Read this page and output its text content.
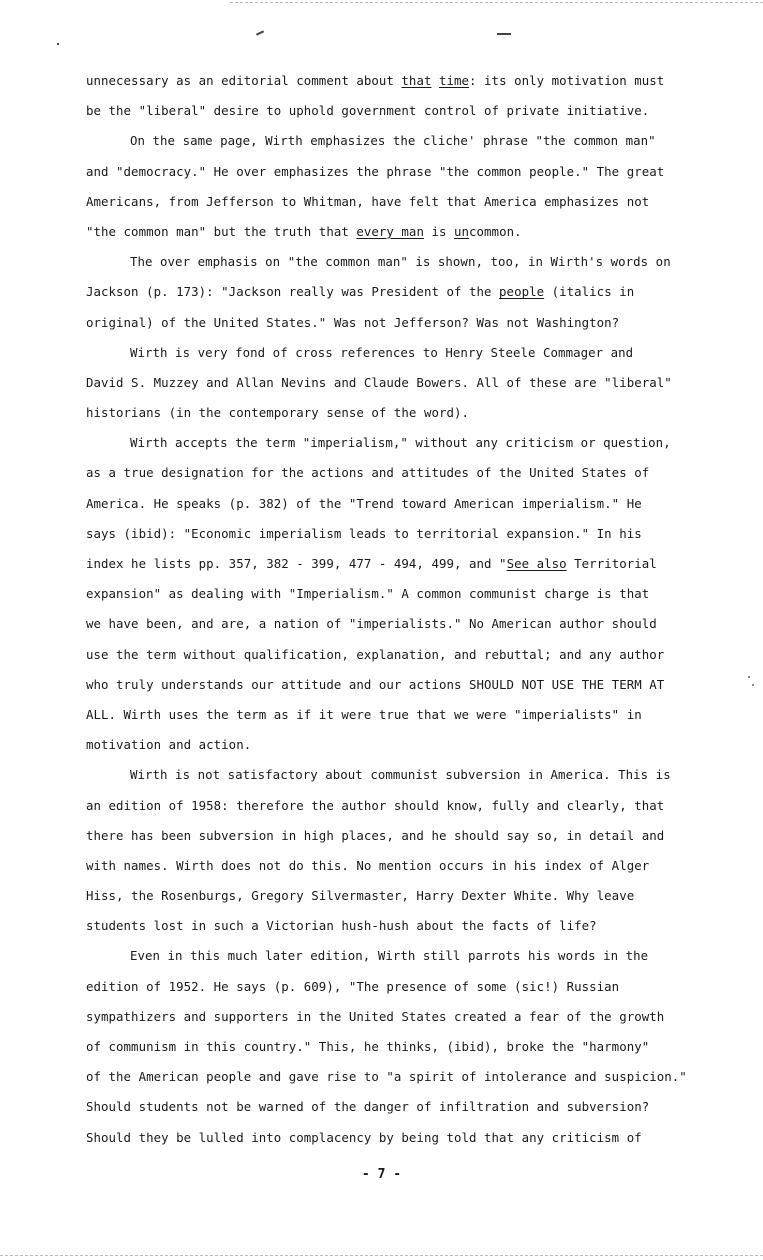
unnecessary as an editorial comment about that time: its only motivation must
be the "liberal" desire to uphold government control of private initiative.
On the same page, Wirth emphasizes the cliche' phrase "the common man"
and "democracy." He over emphasizes the phrase "the common people." The great
Americans, from Jefferson to Whitman, have felt that America emphasizes not
"the common man" but the truth that every man is uncommon.
The over emphasis on "the common man" is shown, too, in Wirth's words on
Jackson (p. 173): "Jackson really was President of the people (italics in
original) of the United States." Was not Jefferson? Was not Washington?
Wirth is very fond of cross references to Henry Steele Commager and
David S. Muzzey and Allan Nevins and Claude Bowers. All of these are "liberal"
historians (in the contemporary sense of the word).
Wirth accepts the term "imperialism," without any criticism or question,
as a true designation for the actions and attitudes of the United States of
America. He speaks (p. 382) of the "Trend toward American imperialism." He
says (ibid): "Economic imperialism leads to territorial expansion." In his
index he lists pp. 357, 382 - 399, 477 - 494, 499, and "See also Territorial
expansion" as dealing with "Imperialism." A common communist charge is that
we have been, and are, a nation of "imperialists." No American author should
use the term without qualification, explanation, and rebuttal; and any author
who truly understands our attitude and our actions SHOULD NOT USE THE TERM AT
ALL. Wirth uses the term as if it were true that we were "imperialists" in
motivation and action.
Wirth is not satisfactory about communist subversion in America. This is
an edition of 1958: therefore the author should know, fully and clearly, that
there has been subversion in high places, and he should say so, in detail and
with names. Wirth does not do this. No mention occurs in his index of Alger
Hiss, the Rosenburgs, Gregory Silvermaster, Harry Dexter White. Why leave
students lost in such a Victorian hush-hush about the facts of life?
Even in this much later edition, Wirth still parrots his words in the
edition of 1952. He says (p. 609), "The presence of some (sic!) Russian
sympathizers and supporters in the United States created a fear of the growth
of communism in this country." This, he thinks, (ibid), broke the "harmony"
of the American people and gave rise to "a spirit of intolerance and suspicion."
Should students not be warned of the danger of infiltration and subversion?
Should they be lulled into complacency by being told that any criticism of
- 7 -
